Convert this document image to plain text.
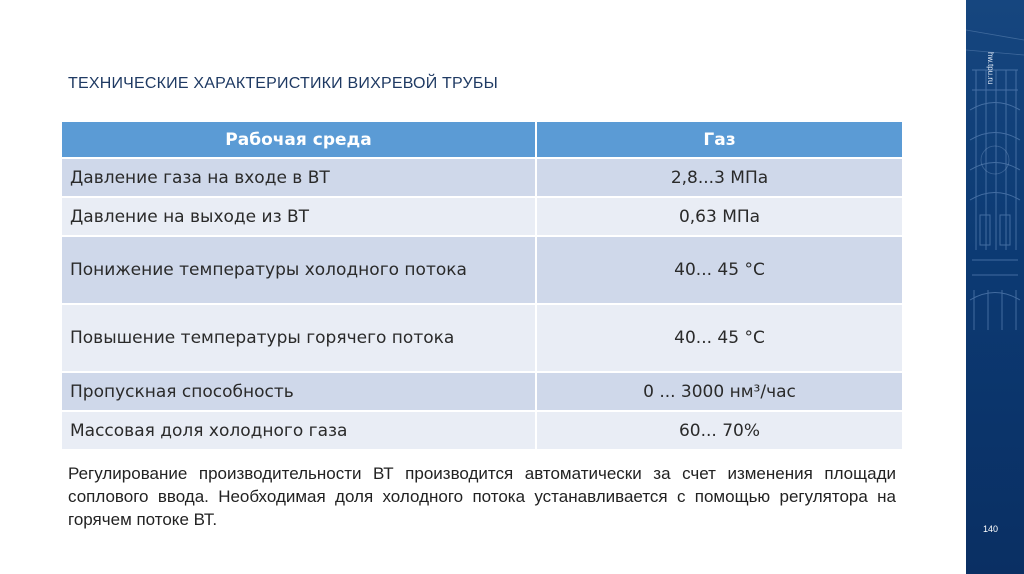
ТЕХНИЧЕСКИЕ ХАРАКТЕРИСТИКИ ВИХРЕВОЙ ТРУБЫ
Рабочая среда	Газ
Давление газа на входе в ВТ	2,8...3 МПа
Давление на выходе из ВТ	0,63 МПа
Понижение температуры холодного потока	40... 45 °С
Повышение температуры горячего потока	40... 45 °С
Пропускная способность	0 ... 3000 нм³/час
Массовая доля холодного газа	60... 70%
Регулирование производительности ВТ производится автоматически за счет изменения площади соплового ввода. Необходимая доля холодного потока устанавливается с помощью регулятора на горячем потоке ВТ.
hw.tpu.ru
140
